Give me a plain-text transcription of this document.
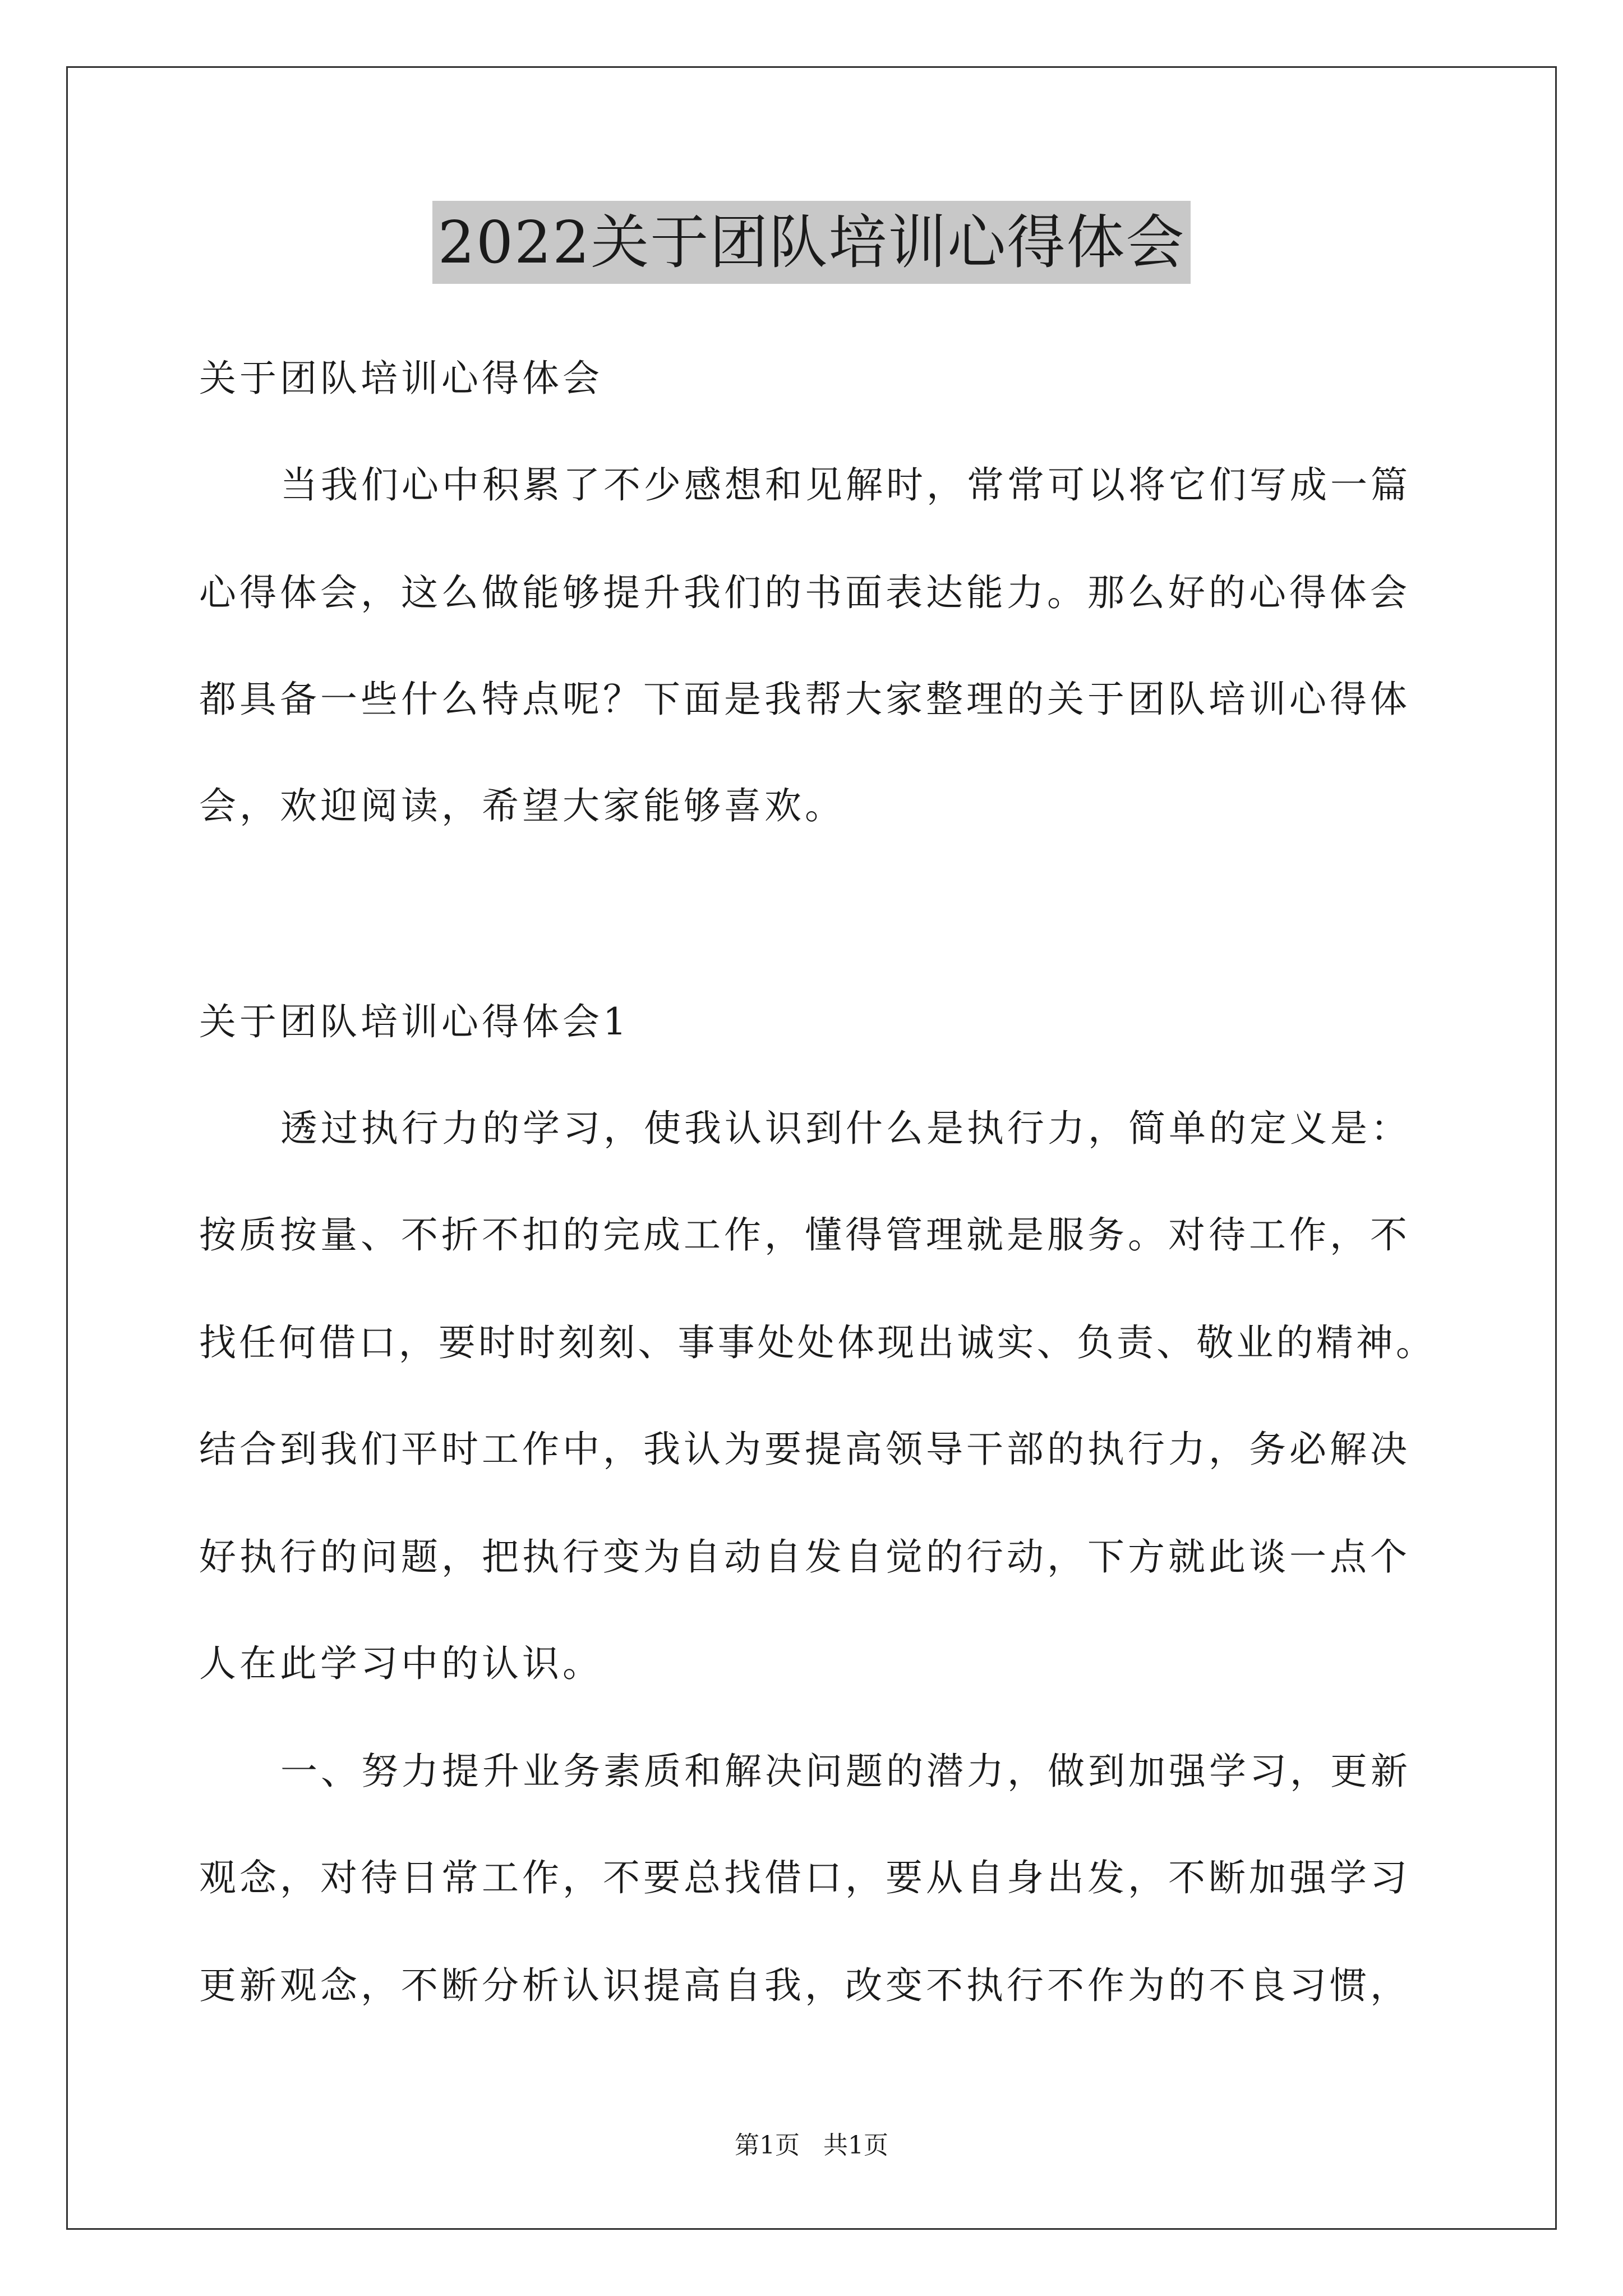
2022关于团队培训心得体会
关于团队培训心得体会
当我们心中积累了不少感想和见解时，常常可以将它们写成一篇
心得体会，这么做能够提升我们的书面表达能力。那么好的心得体会
都具备一些什么特点呢？下面是我帮大家整理的关于团队培训心得体
会，欢迎阅读，希望大家能够喜欢。
关于团队培训心得体会1
透过执行力的学习，使我认识到什么是执行力，简单的定义是：
按质按量、不折不扣的完成工作，懂得管理就是服务。对待工作，不
找任何借口，要时时刻刻、事事处处体现出诚实、负责、敬业的精神。
结合到我们平时工作中，我认为要提高领导干部的执行力，务必解决
好执行的问题，把执行变为自动自发自觉的行动，下方就此谈一点个
人在此学习中的认识。
一、努力提升业务素质和解决问题的潜力，做到加强学习，更新
观念，对待日常工作，不要总找借口，要从自身出发，不断加强学习
更新观念，不断分析认识提高自我，改变不执行不作为的不良习惯，
第1页   共1页
